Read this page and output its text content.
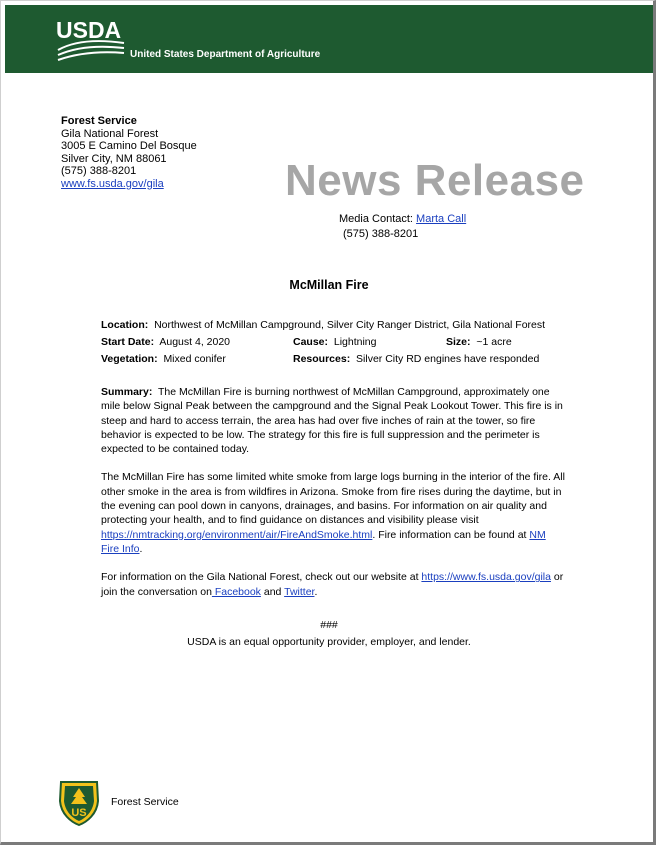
USDA
United States Department of Agriculture
Forest Service
Gila National Forest
3005 E Camino Del Bosque
Silver City, NM 88061
(575) 388-8201
www.fs.usda.gov/gila	News Release
Media Contact: Marta Call
(575) 388-8201
McMillan Fire
Location: Northwest of McMillan Campground, Silver City Ranger District, Gila National Forest
Start Date: August 4, 2020	Cause: Lightning	Size: ~1 acre
Vegetation: Mixed conifer	Resources: Silver City RD engines have responded

Summary: The McMillan Fire is burning northwest of McMillan Campground, approximately one mile below Signal Peak between the campground and the Signal Peak Lookout Tower. This fire is in steep and hard to access terrain, the area has had over five inches of rain at the tower, so fire behavior is expected to be low. The strategy for this fire is full suppression and the perimeter is expected to be contained today.

The McMillan Fire has some limited white smoke from large logs burning in the interior of the fire. All other smoke in the area is from wildfires in Arizona. Smoke from fire rises during the daytime, but in the evening can pool down in canyons, drainages, and basins. For information on air quality and protecting your health, and to find guidance on distances and visibility please visit https://nmtracking.org/environment/air/FireAndSmoke.html. Fire information can be found at NM Fire Info.

For information on the Gila National Forest, check out our website at https://www.fs.usda.gov/gila or join the conversation on Facebook and Twitter.

###
USDA is an equal opportunity provider, employer, and lender.
US
Forest Service
